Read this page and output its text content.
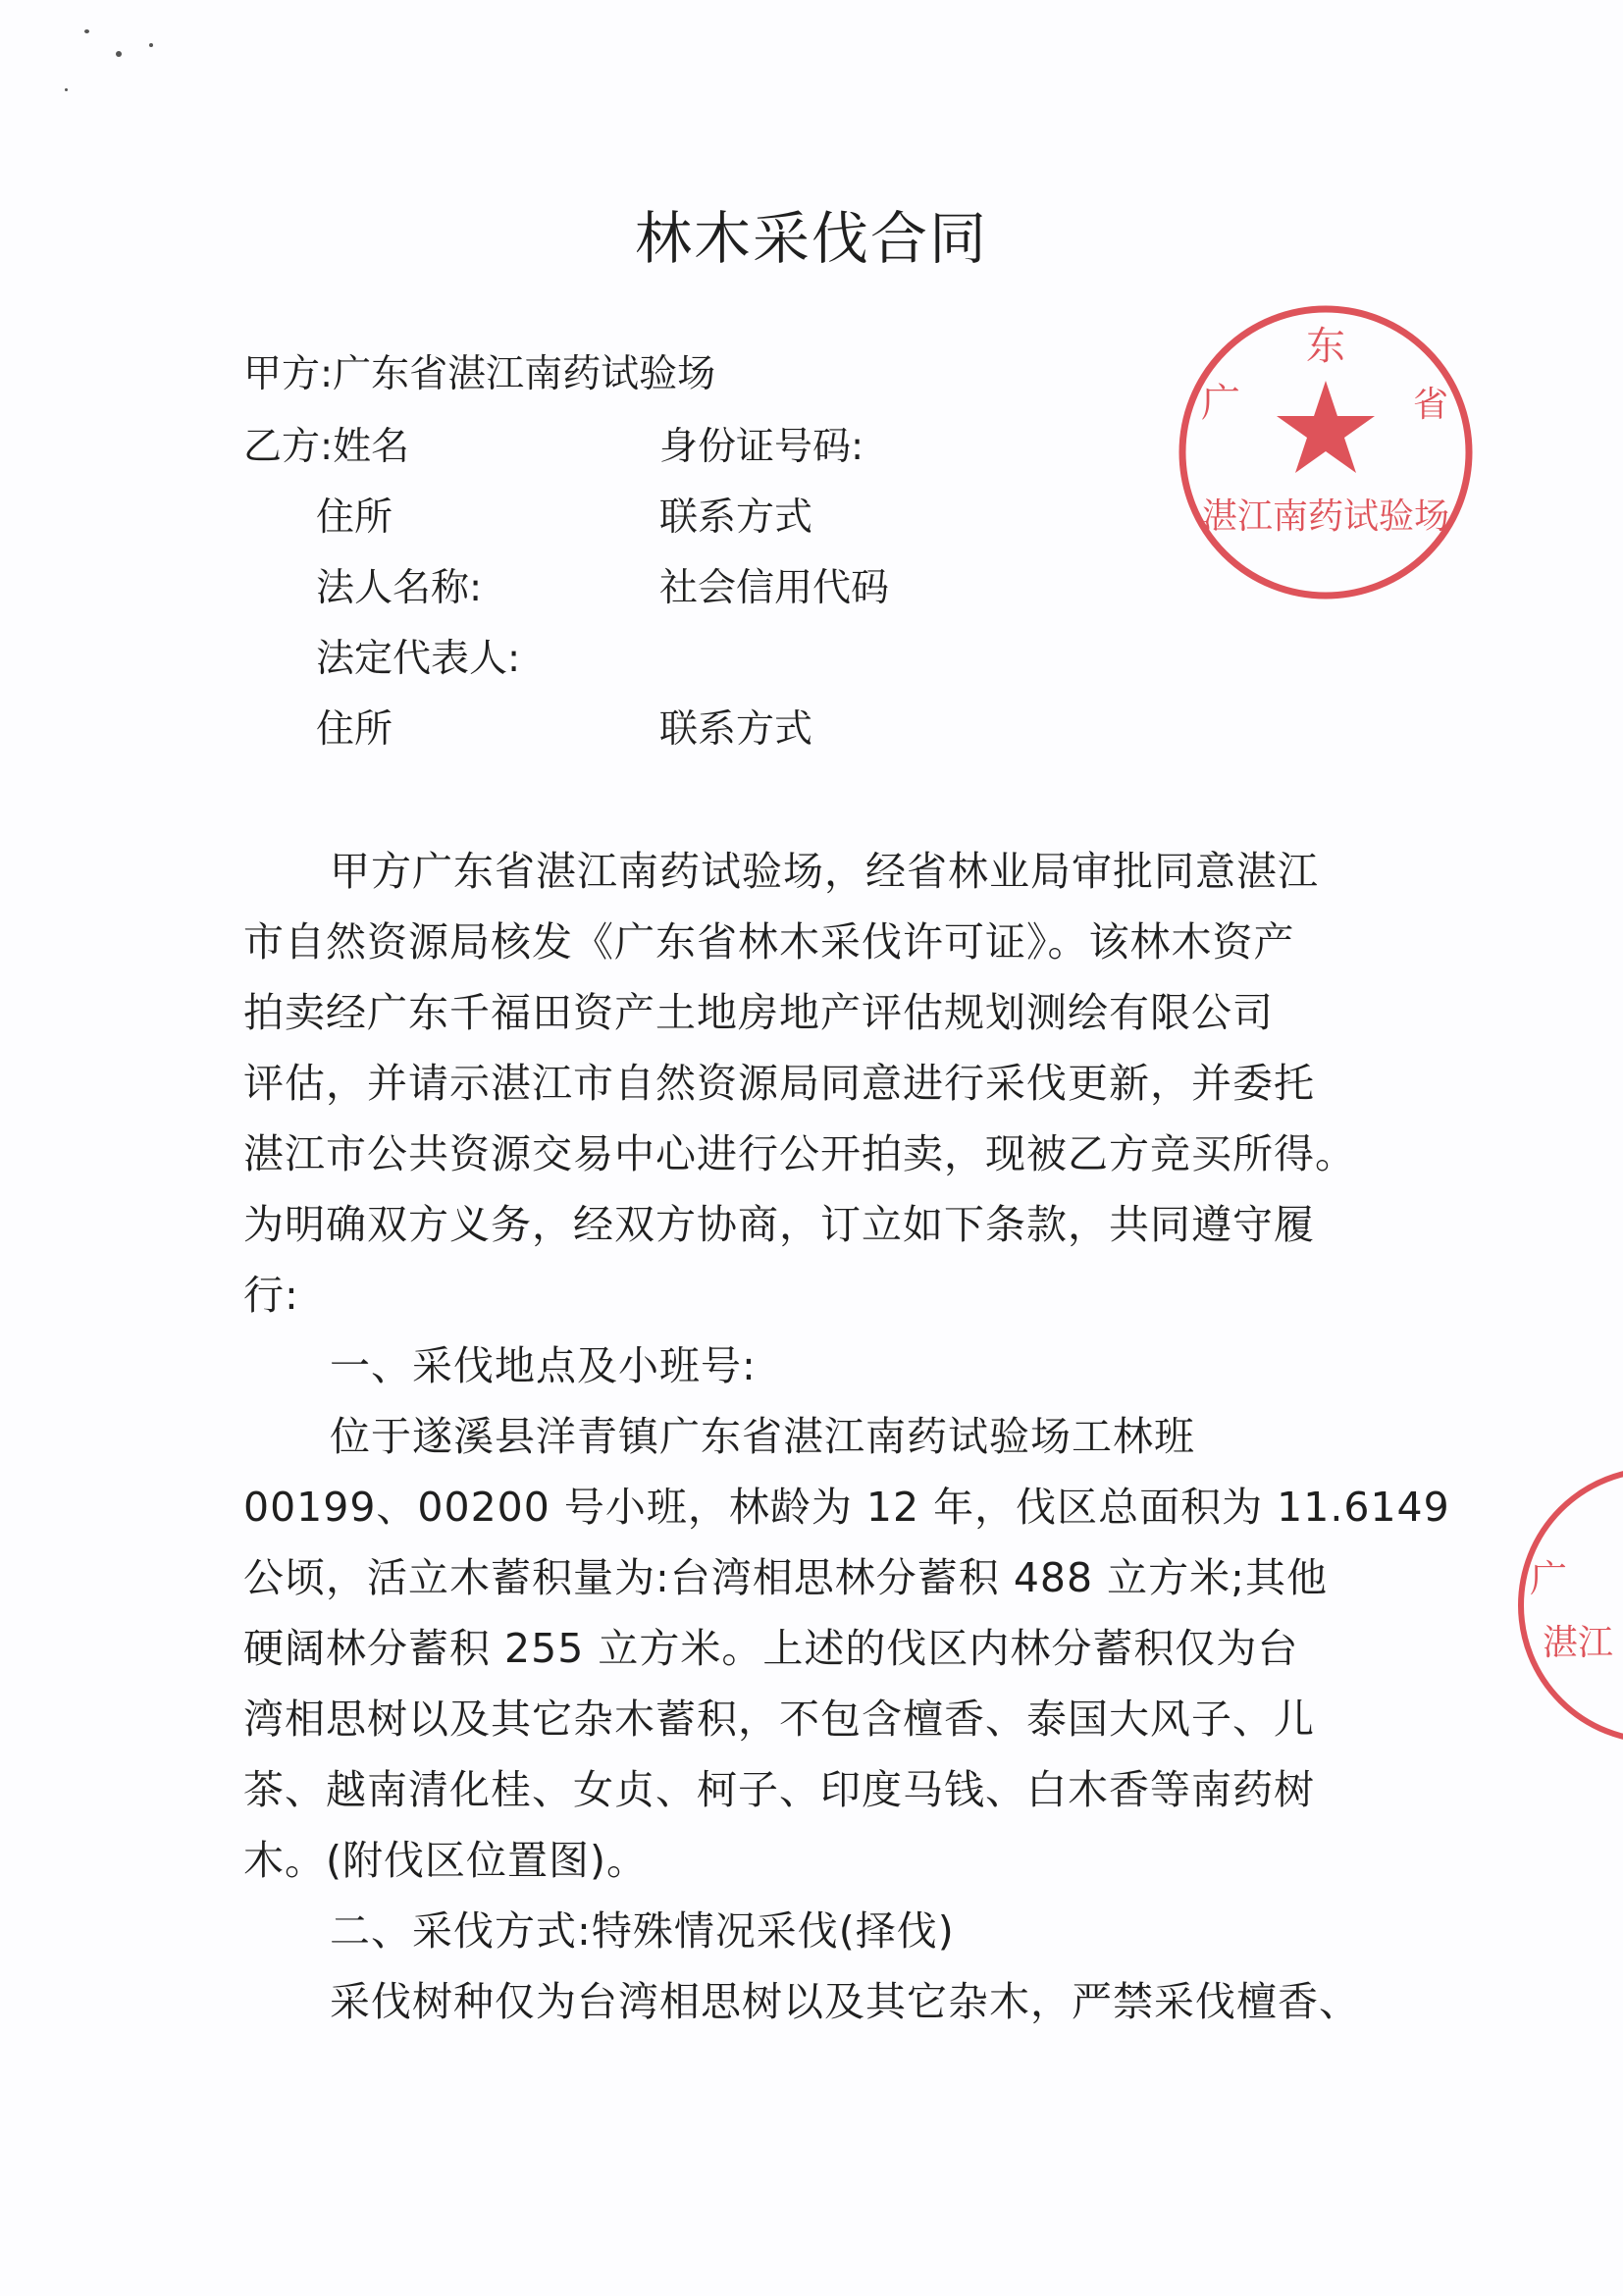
林木采伐合同
甲方:广东省湛江南药试验场
乙方:姓名	身份证号码:
住所	联系方式
法人名称:	社会信用代码
法定代表人:
住所	联系方式
甲方广东省湛江南药试验场，经省林业局审批同意湛江
市自然资源局核发《广东省林木采伐许可证》。该林木资产
拍卖经广东千福田资产土地房地产评估规划测绘有限公司
评估，并请示湛江市自然资源局同意进行采伐更新，并委托
湛江市公共资源交易中心进行公开拍卖，现被乙方竞买所得。
为明确双方义务，经双方协商，订立如下条款，共同遵守履
行:
一、采伐地点及小班号:
位于遂溪县洋青镇广东省湛江南药试验场工林班
00199、00200 号小班，林龄为 12 年，伐区总面积为 11.6149
公顷，活立木蓄积量为:台湾相思林分蓄积 488 立方米;其他
硬阔林分蓄积 255 立方米。上述的伐区内林分蓄积仅为台
湾相思树以及其它杂木蓄积，不包含檀香、泰国大风子、儿
茶、越南清化桂、女贞、柯子、印度马钱、白木香等南药树
木。(附伐区位置图)。
二、采伐方式:特殊情况采伐(择伐)
采伐树种仅为台湾相思树以及其它杂木，严禁采伐檀香、
东
广	省
湛江南药试验场
广
湛江
